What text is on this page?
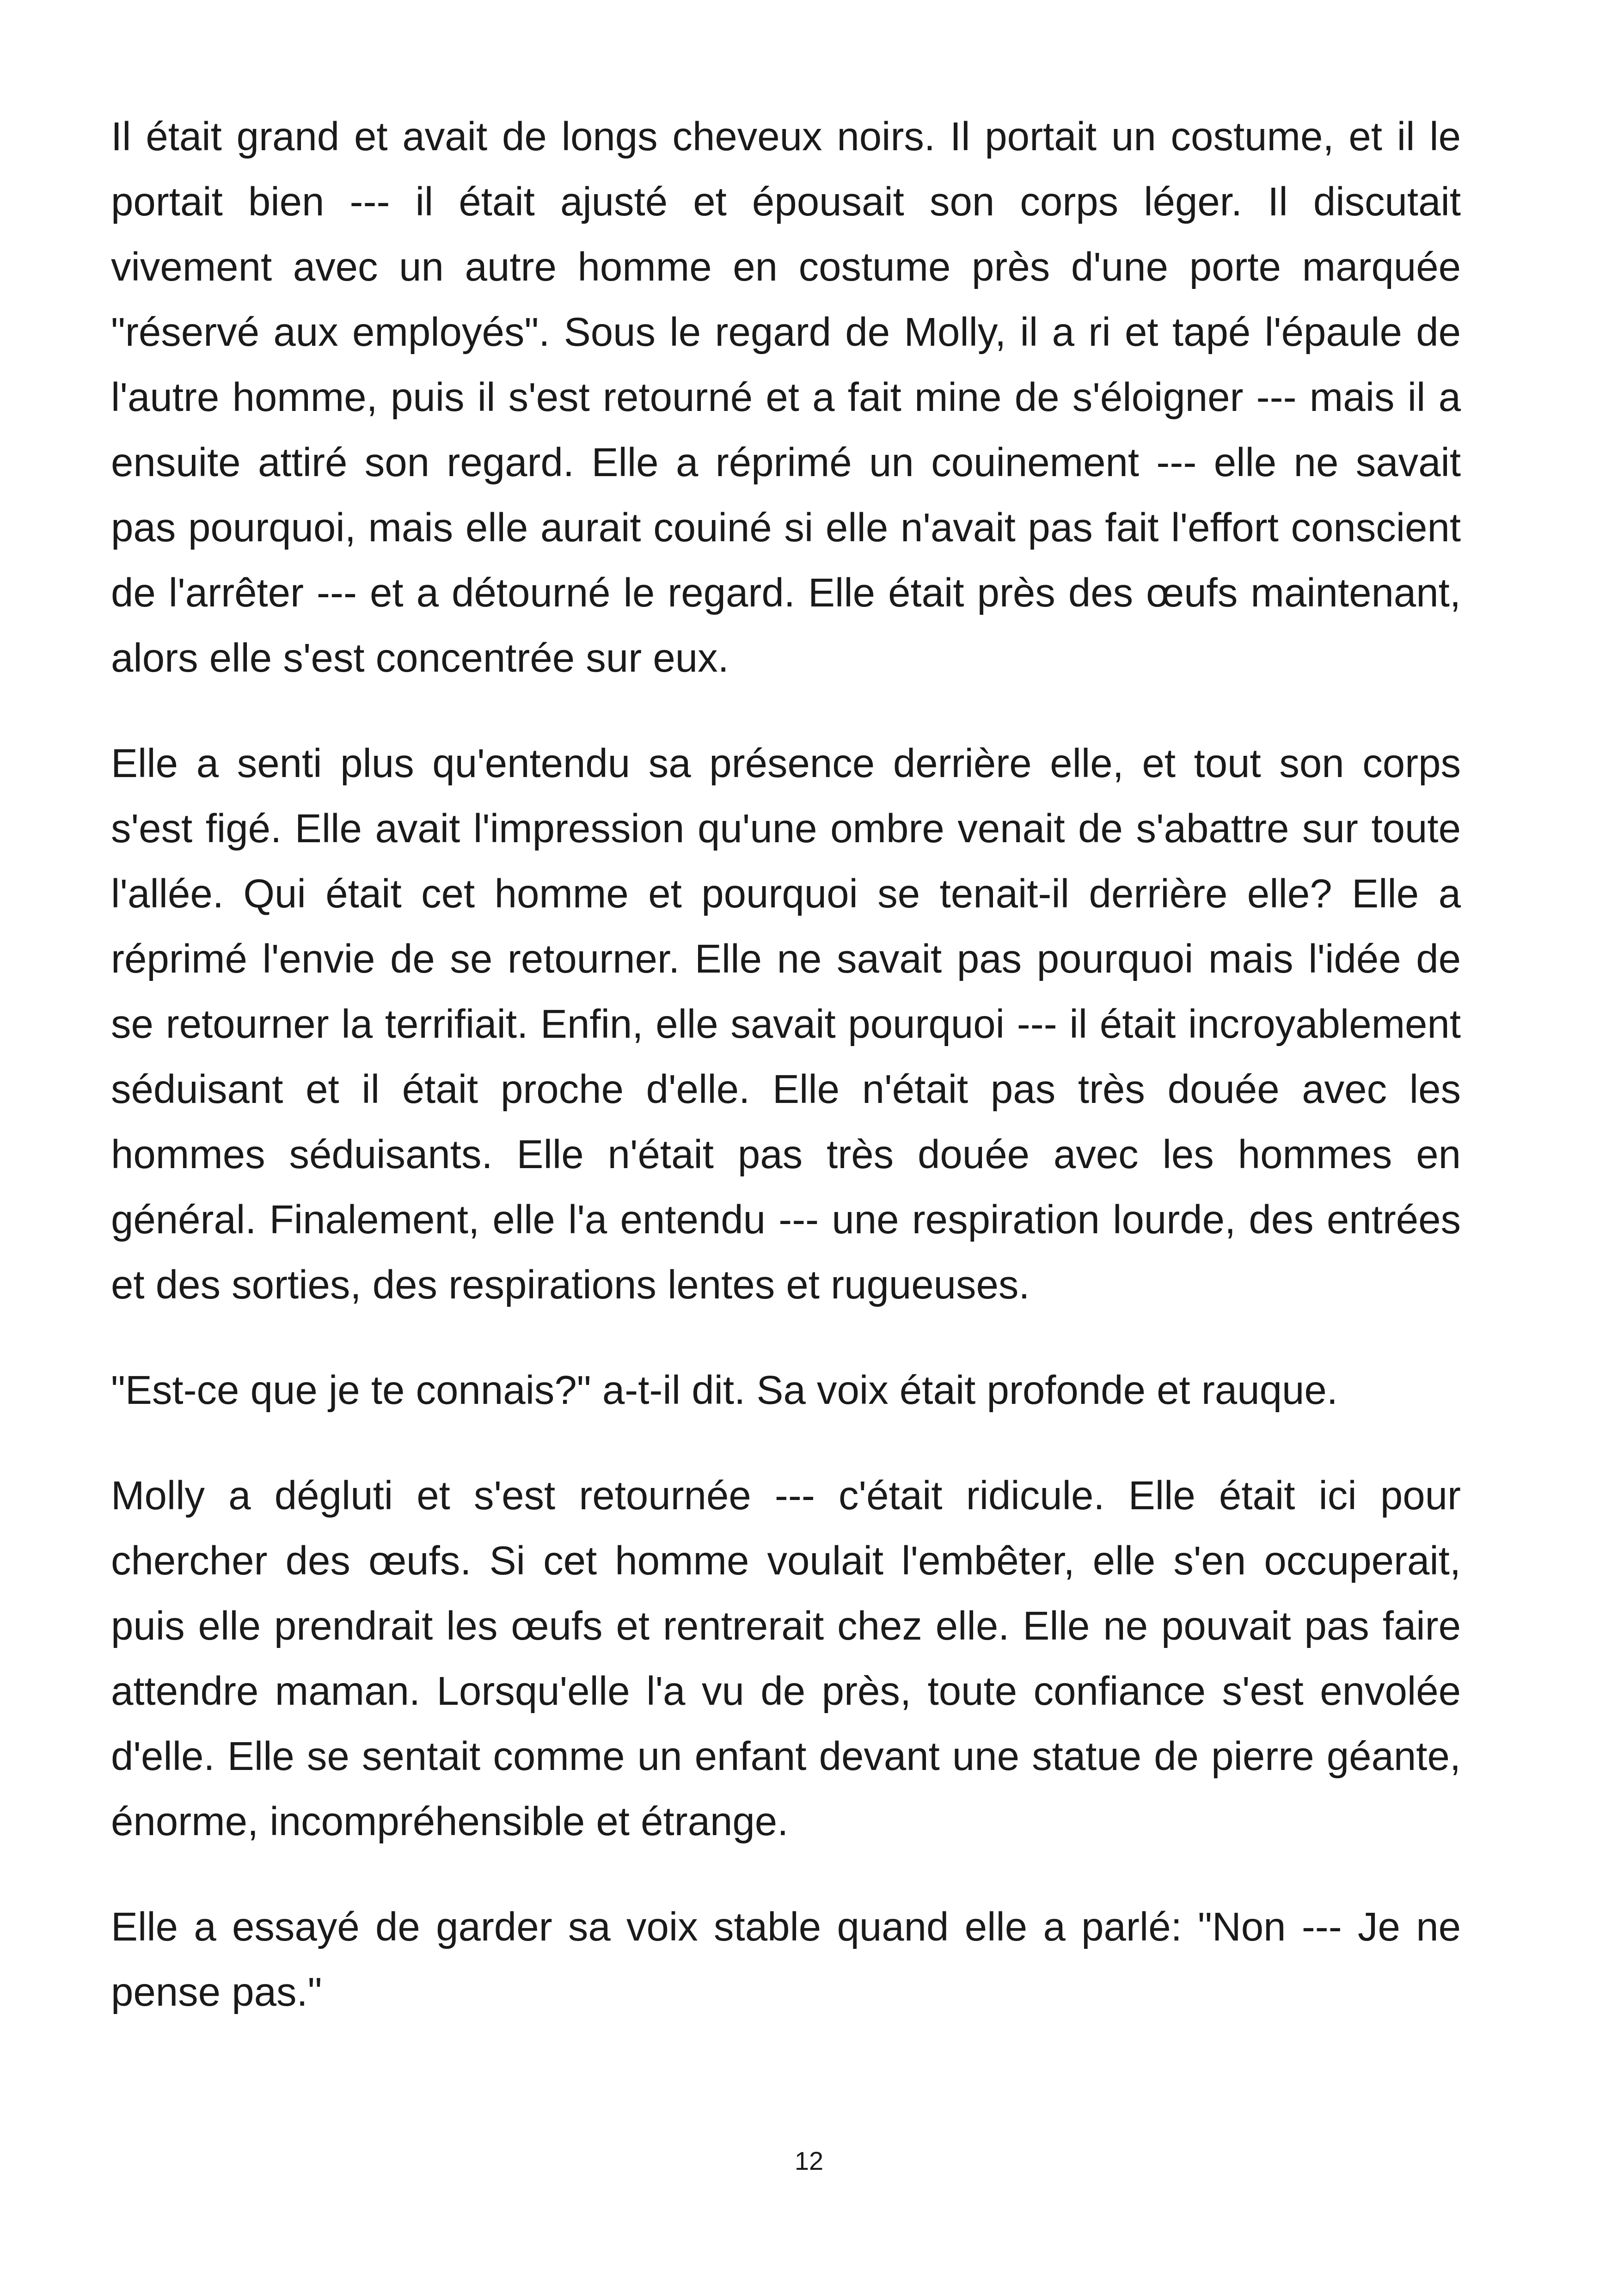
Il était grand et avait de longs cheveux noirs. Il portait un costume, et il le portait bien --- il était ajusté et épousait son corps léger. Il discutait vivement avec un autre homme en costume près d'une porte marquée "réservé aux employés". Sous le regard de Molly, il a ri et tapé l'épaule de l'autre homme, puis il s'est retourné et a fait mine de s'éloigner --- mais il a ensuite attiré son regard. Elle a réprimé un couinement --- elle ne savait pas pourquoi, mais elle aurait couiné si elle n'avait pas fait l'effort conscient de l'arrêter --- et a détourné le regard. Elle était près des œufs maintenant, alors elle s'est concentrée sur eux.

Elle a senti plus qu'entendu sa présence derrière elle, et tout son corps s'est figé. Elle avait l'impression qu'une ombre venait de s'abattre sur toute l'allée. Qui était cet homme et pourquoi se tenait-il derrière elle? Elle a réprimé l'envie de se retourner. Elle ne savait pas pourquoi mais l'idée de se retourner la terrifiait. Enfin, elle savait pourquoi --- il était incroyablement séduisant et il était proche d'elle. Elle n'était pas très douée avec les hommes séduisants. Elle n'était pas très douée avec les hommes en général. Finalement, elle l'a entendu --- une respiration lourde, des entrées et des sorties, des respirations lentes et rugueuses.

"Est-ce que je te connais?" a-t-il dit. Sa voix était profonde et rauque.

Molly a dégluti et s'est retournée --- c'était ridicule. Elle était ici pour chercher des œufs. Si cet homme voulait l'embêter, elle s'en occuperait, puis elle prendrait les œufs et rentrerait chez elle. Elle ne pouvait pas faire attendre maman. Lorsqu'elle l'a vu de près, toute confiance s'est envolée d'elle. Elle se sentait comme un enfant devant une statue de pierre géante, énorme, incompréhensible et étrange.

Elle a essayé de garder sa voix stable quand elle a parlé: "Non --- Je ne pense pas."

12
